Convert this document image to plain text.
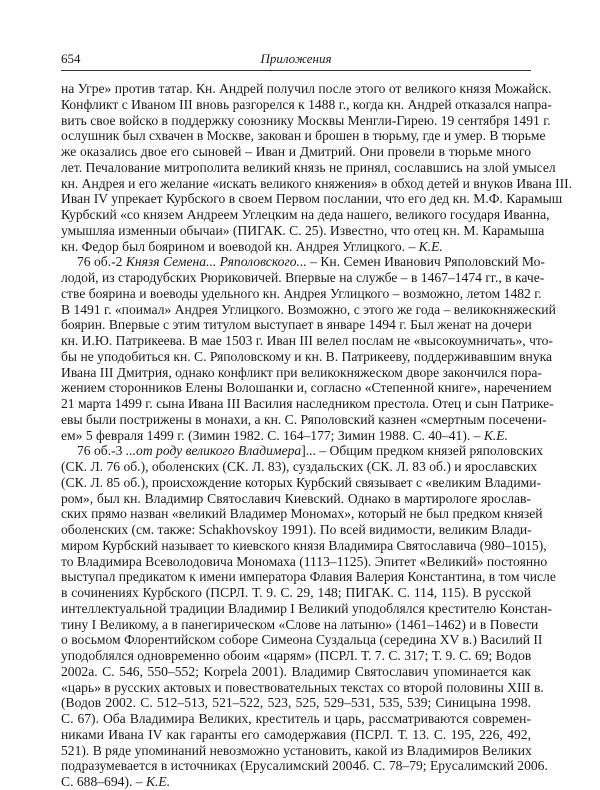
654	Приложения

на Угре» против татар. Кн. Андрей получил после этого от великого князя Можайск.
Конфликт с Иваном III вновь разгорелся к 1488 г., когда кн. Андрей отказался напра-
вить свое войско в поддержку союзнику Москвы Менгли-Гирею. 19 сентября 1491 г.
ослушник был схвачен в Москве, закован и брошен в тюрьму, где и умер. В тюрьме
же оказались двое его сыновей – Иван и Дмитрий. Они провели в тюрьме много
лет. Печалование митрополита великий князь не принял, сославшись на злой умысел
кн. Андрея и его желание «искать великого княжения» в обход детей и внуков Ивана III.
Иван IV упрекает Курбского в своем Первом послании, что его дед кн. М.Ф. Карамыш
Курбский «со князем Андреем Углецким на деда нашего, великого государя Иванна,
умышляа изменныи обычаи» (ПИГАК. С. 25). Известно, что отец кн. М. Карамыша
кн. Федор был боярином и воеводой кн. Андрея Углицкого. – К.Е.

76 об.-2 Князя Семена... Ряполовского... – Кн. Семен Иванович Ряполовский Мо-
лодой, из стародубских Рюриковичей. Впервые на службе – в 1467–1474 гг., в каче-
стве боярина и воеводы удельного кн. Андрея Углицкого – возможно, летом 1482 г.
В 1491 г. «поимал» Андрея Углицкого. Возможно, с этого же года – великокняжеский
боярин. Впервые с этим титулом выступает в январе 1494 г. Был женат на дочери
кн. И.Ю. Патрикеева. В мае 1503 г. Иван III велел послам не «высокоумничать», что-
бы не уподобиться кн. С. Ряполовскому и кн. В. Патрикееву, поддерживавшим внука
Ивана III Дмитрия, однако конфликт при великокняжеском дворе закончился пора-
жением сторонников Елены Волошанки и, согласно «Степенной книге», наречением
21 марта 1499 г. сына Ивана III Василия наследником престола. Отец и сын Патрике-
евы были пострижены в монахи, а кн. С. Ряполовский казнен «смертным посечени-
ем» 5 февраля 1499 г. (Зимин 1982. С. 164–177; Зимин 1988. С. 40–41). – К.Е.

76 об.-3 ...от роду великого Владимера]... – Общим предком князей ряполовских
(СК. Л. 76 об.), оболенских (СК. Л. 83), суздальских (СК. Л. 83 об.) и ярославских
(СК. Л. 85 об.), происхождение которых Курбский связывает с «великим Владими-
ром», был кн. Владимир Святославич Киевский. Однако в мартирологе ярослав-
ских прямо назван «великий Владимер Мономах», который не был предком князей
оболенских (см. также: Schakhovskoy 1991). По всей видимости, великим Влади-
миром Курбский называет то киевского князя Владимира Святославича (980–1015),
то Владимира Всеволодовича Мономаха (1113–1125). Эпитет «Великий» постоянно
выступал предикатом к имени императора Флавия Валерия Константина, в том числе
в сочинениях Курбского (ПСРЛ. Т. 9. С. 29, 148; ПИГАК. С. 114, 115). В русской
интеллектуальной традиции Владимир I Великий уподоблялся крестителю Констан-
тину I Великому, а в панегирическом «Слове на латыню» (1461–1462) и в Повести
о восьмом Флорентийском соборе Симеона Суздальца (середина XV в.) Василий II
уподоблялся одновременно обоим «царям» (ПСРЛ. Т. 7. С. 317; Т. 9. С. 69; Водов
2002а. С. 546, 550–552; Korpela 2001). Владимир Святославич упоминается как
«царь» в русских актовых и повествовательных текстах со второй половины XIII в.
(Водов 2002. С. 512–513, 521–522, 523, 525, 529–531, 535, 539; Синицына 1998.
С. 67). Оба Владимира Великих, креститель и царь, рассматриваются современ-
никами Ивана IV как гаранты его самодержавия (ПСРЛ. Т. 13. С. 195, 226, 492,
521). В ряде упоминаний невозможно установить, какой из Владимиров Великих
подразумевается в источниках (Ерусалимский 2004б. С. 78–79; Ерусалимский 2006.
С. 688–694). – К.Е.
